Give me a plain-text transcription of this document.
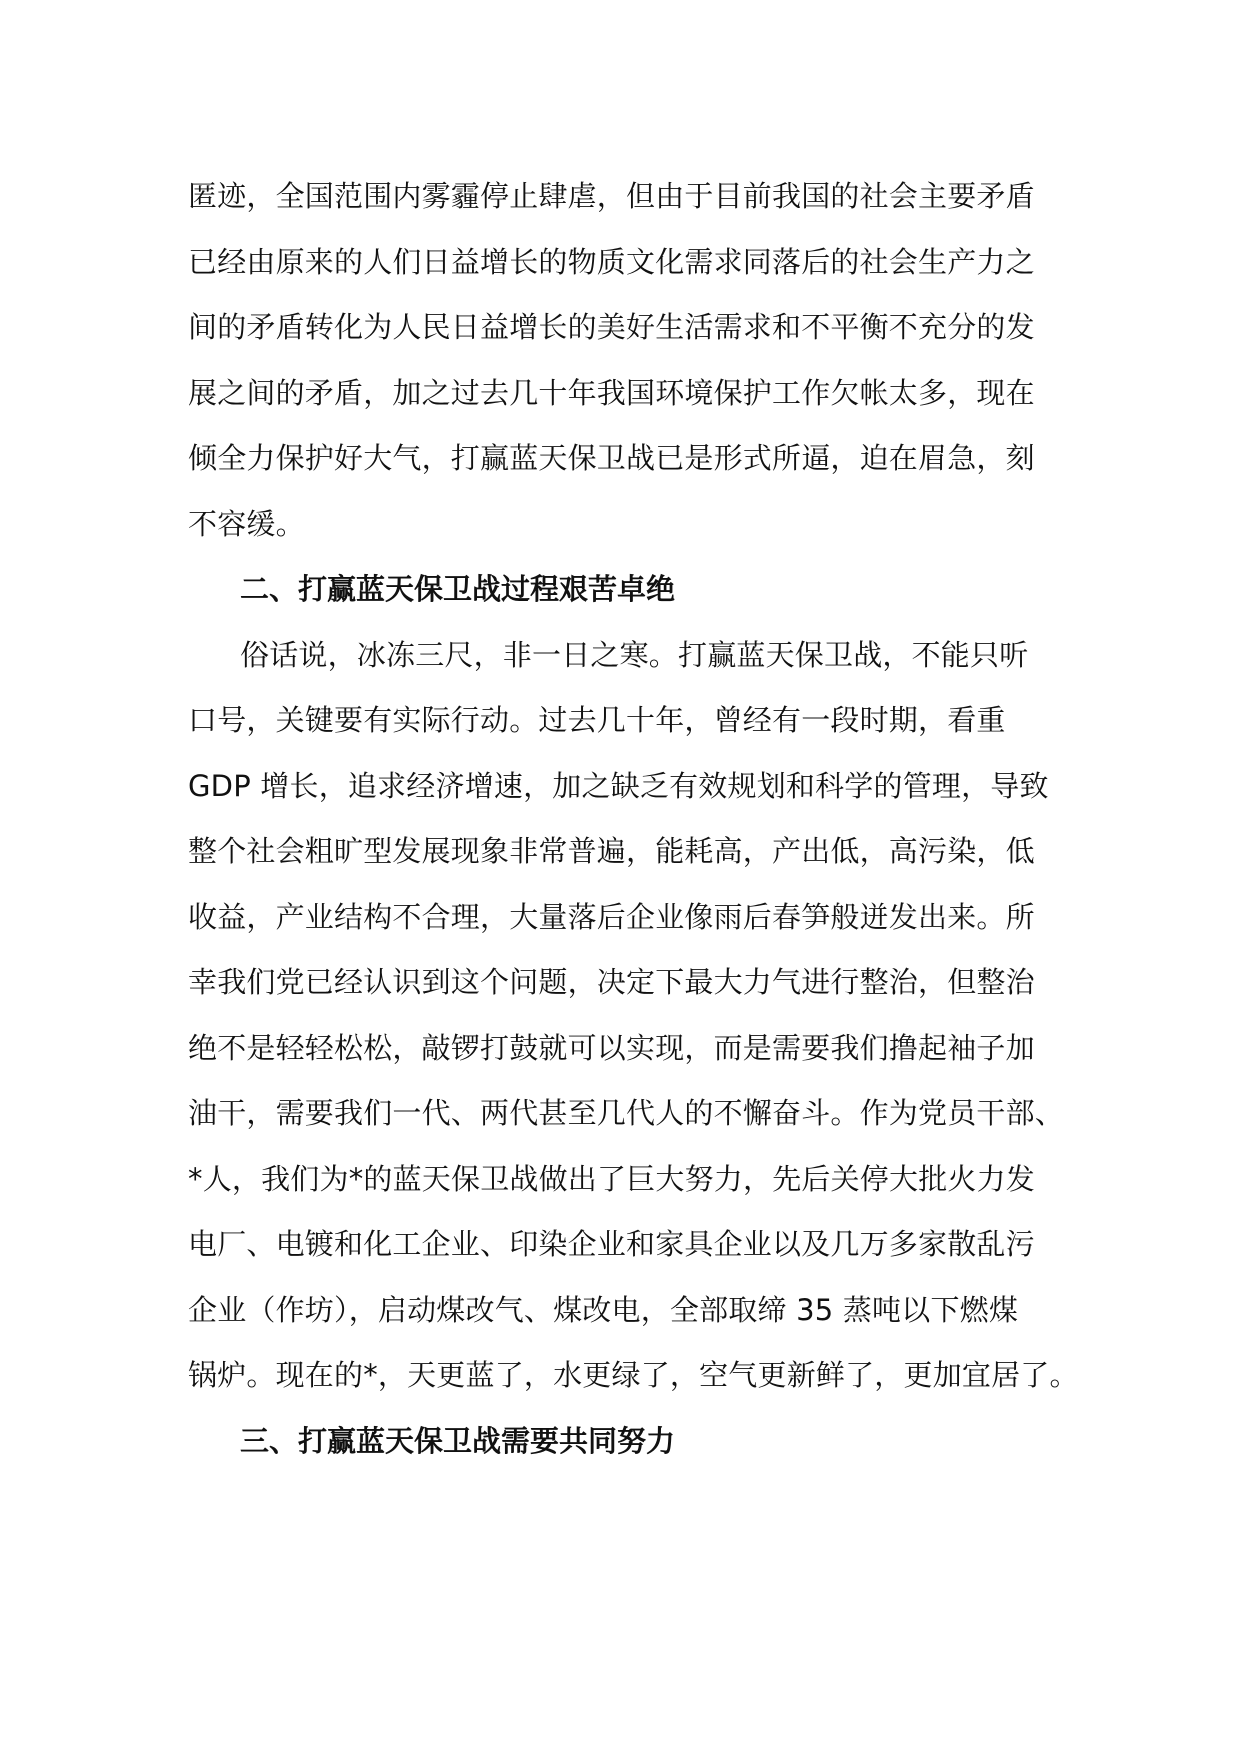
匿迹，全国范围内雾霾停止肆虐，但由于目前我国的社会主要矛盾
已经由原来的人们日益增长的物质文化需求同落后的社会生产力之
间的矛盾转化为人民日益增长的美好生活需求和不平衡不充分的发
展之间的矛盾，加之过去几十年我国环境保护工作欠帐太多，现在
倾全力保护好大气，打赢蓝天保卫战已是形式所逼，迫在眉急，刻
不容缓。
二、打赢蓝天保卫战过程艰苦卓绝
俗话说，冰冻三尺，非一日之寒。打赢蓝天保卫战，不能只听
口号，关键要有实际行动。过去几十年，曾经有一段时期，看重
GDP 增长，追求经济增速，加之缺乏有效规划和科学的管理，导致
整个社会粗旷型发展现象非常普遍，能耗高，产出低，高污染，低
收益，产业结构不合理，大量落后企业像雨后春笋般迸发出来。所
幸我们党已经认识到这个问题，决定下最大力气进行整治，但整治
绝不是轻轻松松，敲锣打鼓就可以实现，而是需要我们撸起袖子加
油干，需要我们一代、两代甚至几代人的不懈奋斗。作为党员干部、
*人，我们为*的蓝天保卫战做出了巨大努力，先后关停大批火力发
电厂、电镀和化工企业、印染企业和家具企业以及几万多家散乱污
企业（作坊），启动煤改气、煤改电，全部取缔 35 蒸吨以下燃煤
锅炉。现在的*，天更蓝了，水更绿了，空气更新鲜了，更加宜居了。
三、打赢蓝天保卫战需要共同努力
